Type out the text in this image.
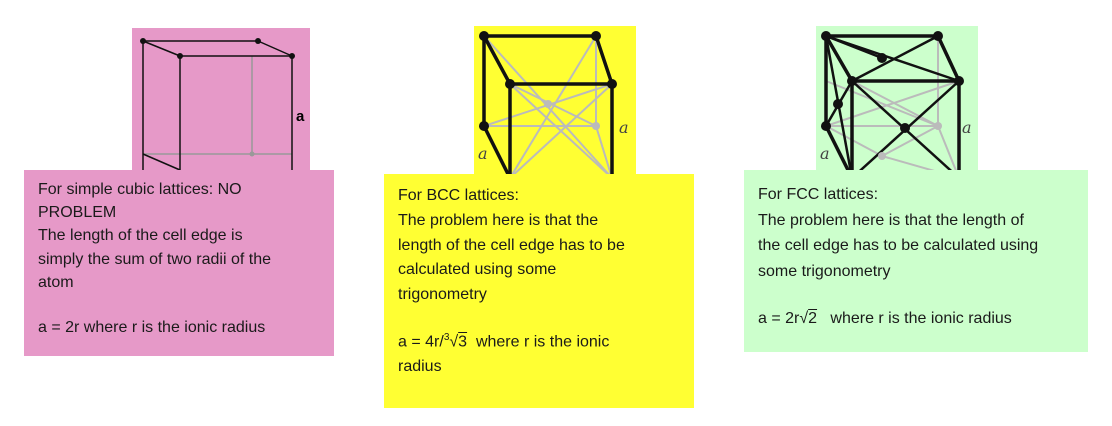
a

For simple cubic lattices: NO

PROBLEM

The length of the cell edge is

simply the sum of two radii of the

atom

a = 2r where r is the ionic radius

a
a

For BCC lattices:

The problem here is that the

length of the cell edge has to be

calculated using some

trigonometry

a = 4r/$^3$√3  where r is the ionic

radius

a
a

For FCC lattices:

The problem here is that the length of

the cell edge has to be calculated using

some trigonometry

a = 2r√2   where r is the ionic radius
